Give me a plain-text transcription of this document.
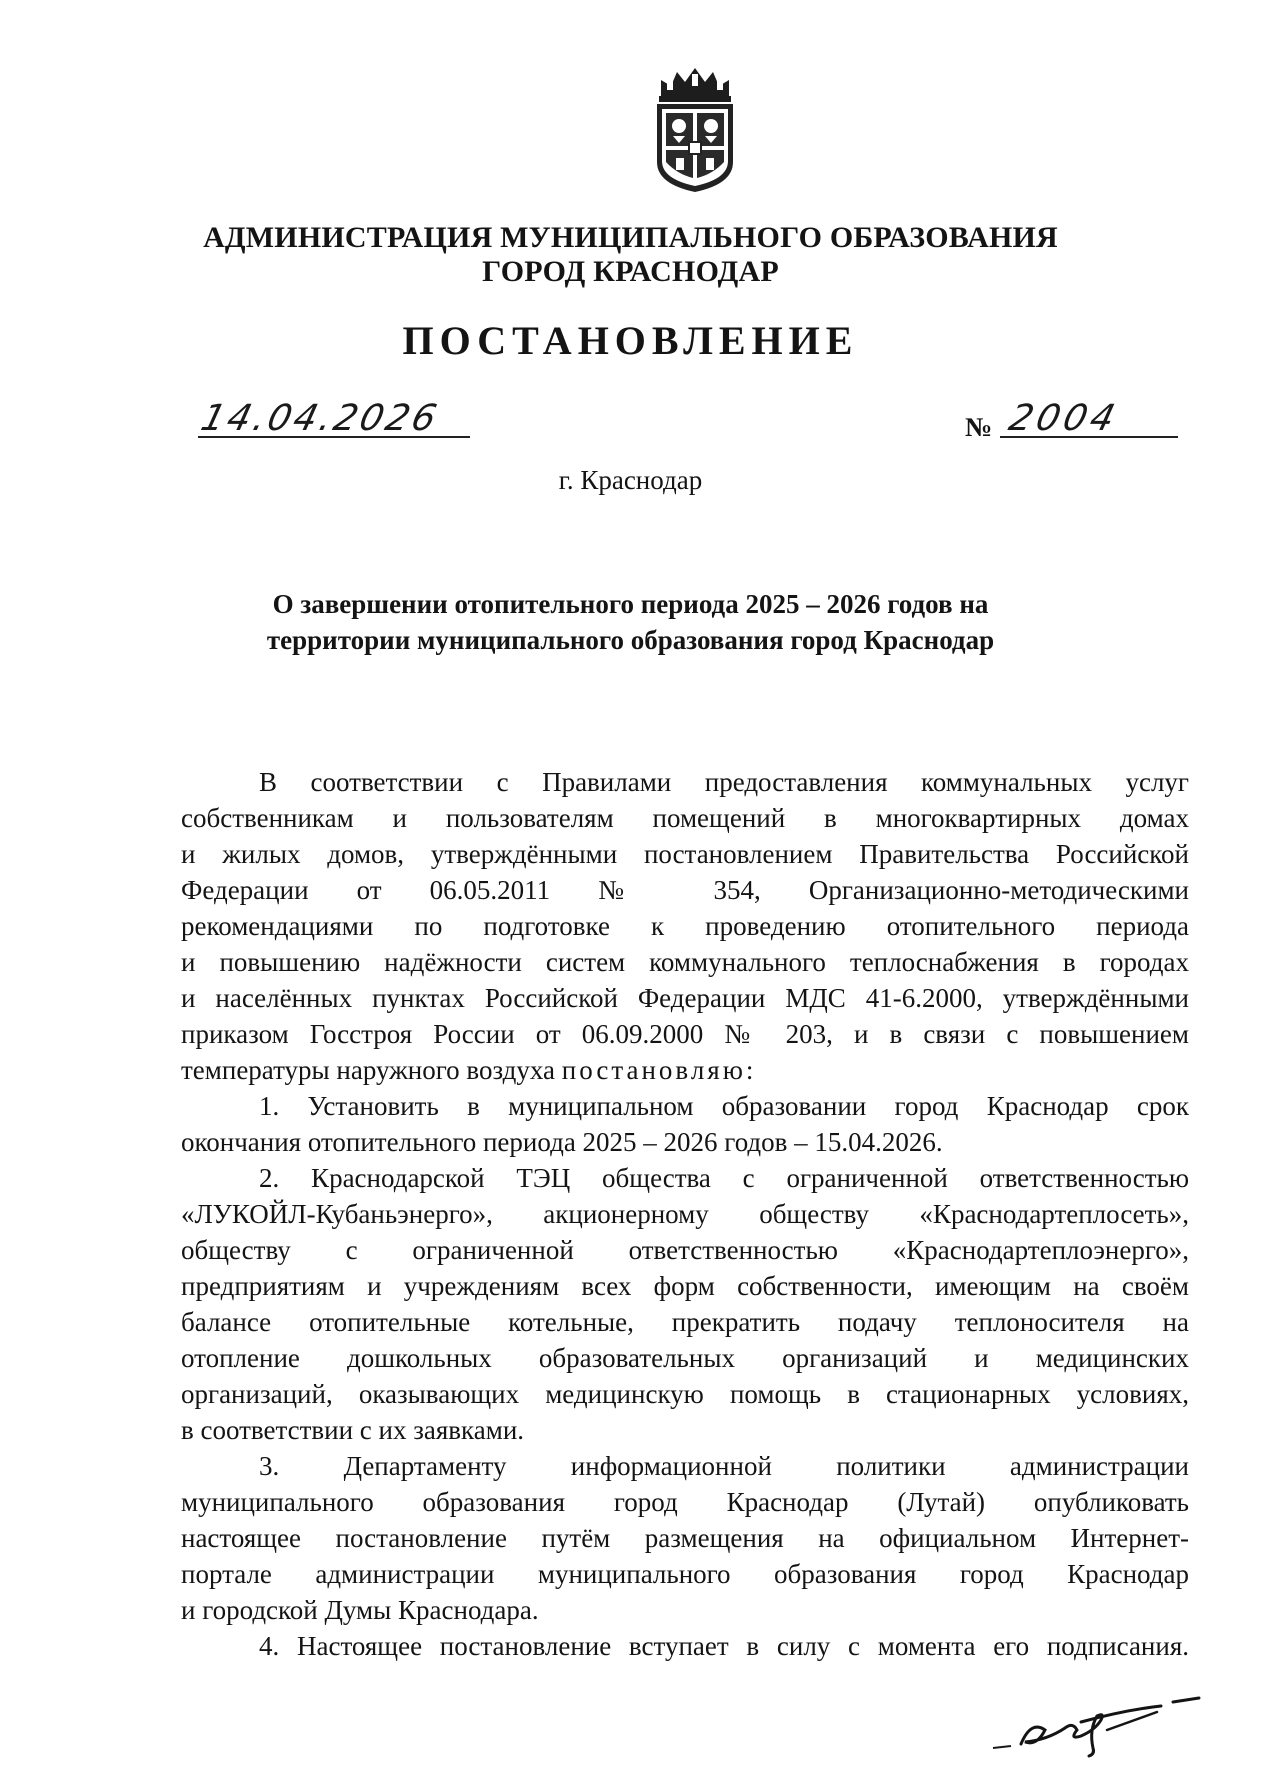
АДМИНИСТРАЦИЯ МУНИЦИПАЛЬНОГО ОБРАЗОВАНИЯ
ГОРОД КРАСНОДАР
ПОСТАНОВЛЕНИЕ
14.04.2026	№ 2004
г. Краснодар
О завершении отопительного периода 2025 – 2026 годов на
территории муниципального образования город Краснодар
В соответствии с Правилами предоставления коммунальных услуг
собственникам и пользователям помещений в многоквартирных домах
и жилых домов, утверждёнными постановлением Правительства Российской
Федерации от 06.05.2011 № 354, Организационно-методическими
рекомендациями по подготовке к проведению отопительного периода
и повышению надёжности систем коммунального теплоснабжения в городах
и населённых пунктах Российской Федерации МДС 41-6.2000, утверждёнными
приказом Госстроя России от 06.09.2000 № 203, и в связи с повышением
температуры наружного воздуха постановляю:
1. Установить в муниципальном образовании город Краснодар срок
окончания отопительного периода 2025 – 2026 годов – 15.04.2026.
2. Краснодарской ТЭЦ общества с ограниченной ответственностью
«ЛУКОЙЛ-Кубаньэнерго», акционерному обществу «Краснодартеплосеть»,
обществу с ограниченной ответственностью «Краснодартеплоэнерго»,
предприятиям и учреждениям всех форм собственности, имеющим на своём
балансе отопительные котельные, прекратить подачу теплоносителя на
отопление дошкольных образовательных организаций и медицинских
организаций, оказывающих медицинскую помощь в стационарных условиях,
в соответствии с их заявками.
3. Департаменту информационной политики администрации
муниципального образования город Краснодар (Лутай) опубликовать
настоящее постановление путём размещения на официальном Интернет-
портале администрации муниципального образования город Краснодар
и городской Думы Краснодара.
4. Настоящее постановление вступает в силу с момента его подписания.
